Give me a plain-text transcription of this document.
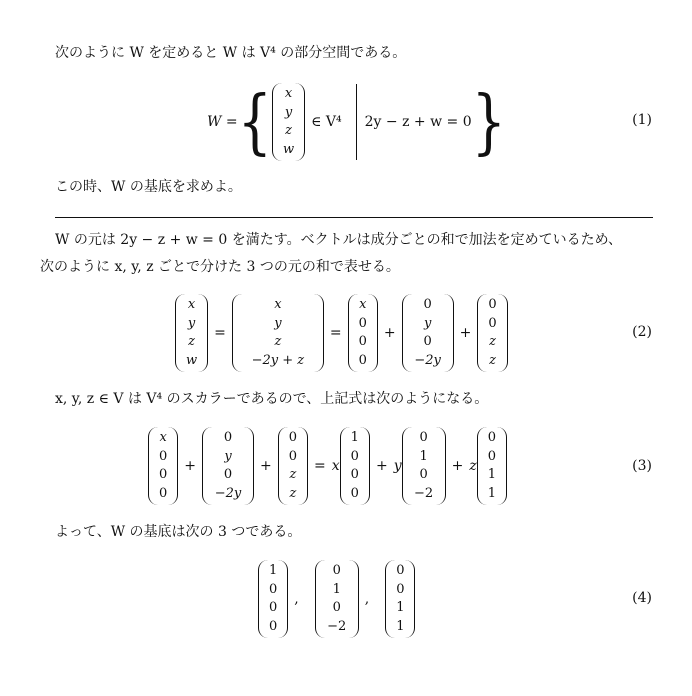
次のように W を定めると W は V⁴ の部分空間である。
W = { x
y
z
w
∈ V⁴	2y − z + w = 0 }	(1)
この時、W の基底を求めよ。
W の元は 2y − z + w = 0 を満たす。ベクトルは成分ごとの和で加法を定めているため、
次のように x, y, z ごとで分けた 3 つの元の和で表せる。
x
y
z
w
=
x
y
z
−2y + z
=
x
0
0
0
+
0
y
0
−2y
+
0
0
z
z
(2)
x, y, z ∈ V は V⁴ のスカラーであるので、上記式は次のようになる。
x
0
0
0
+
0
y
0
−2y
+
0
0
z
z
= x
1
0
0
0
+ y
0
1
0
−2
+ z
0
0
1
1
(3)
よって、W の基底は次の 3 つである。
1
0
0
0
,
0
1
0
−2
,
0
0
1
1
(4)
